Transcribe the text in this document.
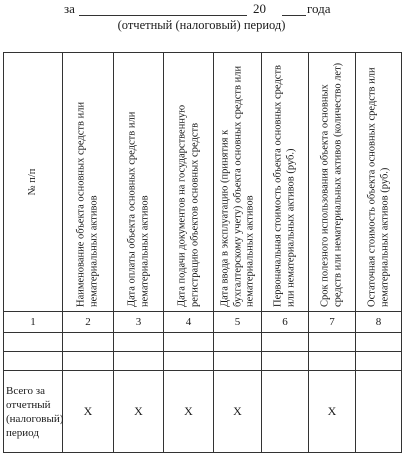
за	20	года
(отчетный (налоговый) период)
№ п/п	Наименование объекта основных средств или нематериальных активов	Дата оплаты объекта основных средств или нематериальных активов	Дата подачи документов на государственную регистрацию объектов основных средств	Дата ввода в эксплуатацию (принятия к бухгалтерскому учету) объекта основных средств или нематериальных активов	Первоначальная стоимость объекта основных средств или нематериальных активов (руб.)	Срок полезного использования объекта основных средств или нематериальных активов (количество лет)	Остаточная стоимость объекта основных средств или нематериальных активов (руб.)

1	2	3	4	5	6	7	8

Всего за отчетный (налоговый) период	X	X	X	X		X	
